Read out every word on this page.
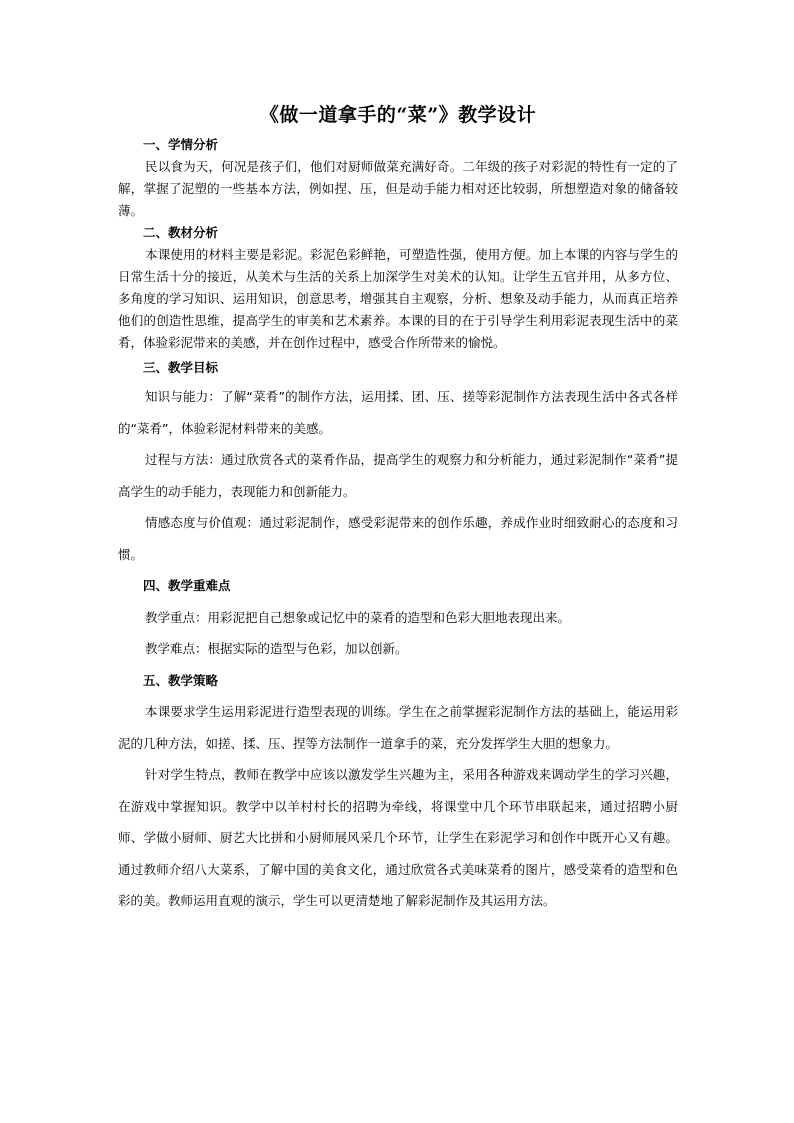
《做一道拿手的“菜”》教学设计
一、学情分析
民以食为天，何况是孩子们，他们对厨师做菜充满好奇。二年级的孩子对彩泥的特性有一定的了解，掌握了泥塑的一些基本方法，例如捏、压，但是动手能力相对还比较弱，所想塑造对象的储备较薄。
二、教材分析
本课使用的材料主要是彩泥。彩泥色彩鲜艳，可塑造性强，使用方便。加上本课的内容与学生的日常生活十分的接近，从美术与生活的关系上加深学生对美术的认知。让学生五官并用，从多方位、多角度的学习知识、运用知识，创意思考，增强其自主观察，分析、想象及动手能力，从而真正培养他们的创造性思维，提高学生的审美和艺术素养。本课的目的在于引导学生利用彩泥表现生活中的菜肴，体验彩泥带来的美感，并在创作过程中，感受合作所带来的愉悦。
三、教学目标
知识与能力：了解“菜肴”的制作方法，运用揉、团、压、搓等彩泥制作方法表现生活中各式各样的“菜肴”，体验彩泥材料带来的美感。
过程与方法：通过欣赏各式的菜肴作品，提高学生的观察力和分析能力，通过彩泥制作“菜肴”提高学生的动手能力，表现能力和创新能力。
情感态度与价值观：通过彩泥制作，感受彩泥带来的创作乐趣，养成作业时细致耐心的态度和习惯。
四、教学重难点
教学重点：用彩泥把自己想象或记忆中的菜肴的造型和色彩大胆地表现出来。
教学难点：根据实际的造型与色彩，加以创新。
五、教学策略
本课要求学生运用彩泥进行造型表现的训练。学生在之前掌握彩泥制作方法的基础上，能运用彩泥的几种方法，如搓、揉、压、捏等方法制作一道拿手的菜，充分发挥学生大胆的想象力。
针对学生特点，教师在教学中应该以激发学生兴趣为主，采用各种游戏来调动学生的学习兴趣，在游戏中掌握知识。教学中以羊村村长的招聘为牵线，将课堂中几个环节串联起来，通过招聘小厨师、学做小厨师、厨艺大比拼和小厨师展风采几个环节，让学生在彩泥学习和创作中既开心又有趣。通过教师介绍八大菜系，了解中国的美食文化，通过欣赏各式美味菜肴的图片，感受菜肴的造型和色彩的美。教师运用直观的演示，学生可以更清楚地了解彩泥制作及其运用方法。
